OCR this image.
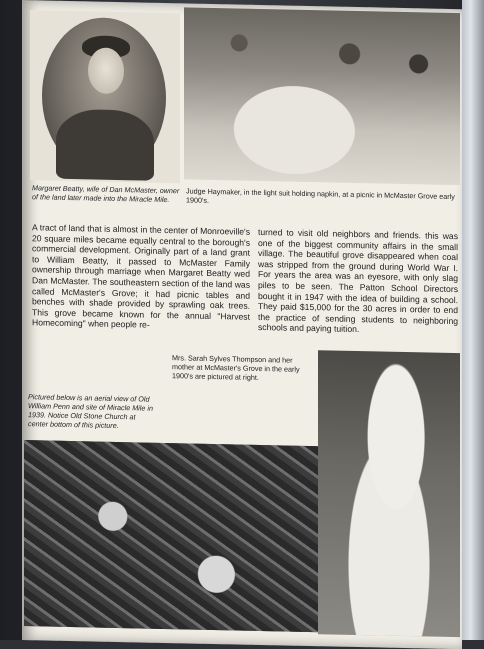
Margaret Beatty, wife of Dan McMaster, owner of the land later made into the Miracle Mile.	Judge Haymaker, in the light suit holding napkin, at a picnic in McMaster Grove early 1900's.
A tract of land that is almost in the center of Monroeville's 20 square miles became equally central to the borough's commercial development. Originally part of a land grant to William Beatty, it passed to McMaster Family ownership through marriage when Margaret Beatty wed Dan McMaster. The southeastern section of the land was called McMaster's Grove; it had picnic tables and benches with shade provided by sprawling oak trees. This grove became known for the annual "Harvest Homecoming" when people re-
turned to visit old neighbors and friends. this was one of the biggest community affairs in the small village. The beautiful grove disappeared when coal was stripped from the ground during World War I. For years the area was an eyesore, with only slag piles to be seen. The Patton School Directors bought it in 1947 with the idea of building a school. They paid $15,000 for the 30 acres in order to end the practice of sending students to neighboring schools and paying tuition.
Mrs. Sarah Sylves Thompson and her mother at McMaster's Grove in the early 1900's are pictured at right.
Pictured below is an aerial view of Old William Penn and site of Miracle Mile in 1939. Notice Old Stone Church at center bottom of this picture.
